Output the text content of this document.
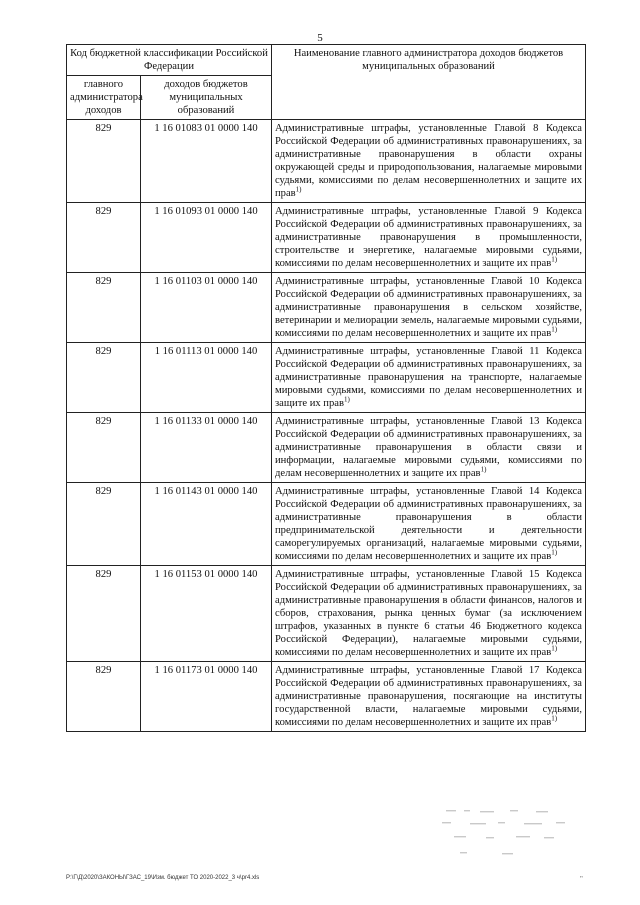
5
Код бюджетной классификации Российской Федерации		Наименование главного администратора доходов бюджетов муниципальных образований
главного администратора доходов	доходов бюджетов муниципальных образований	
829	1 16 01083 01 0000 140	Административные штрафы, установленные Главой 8 Кодекса Российской Федерации об административных правонарушениях, за административные правонарушения в области охраны окружающей среды и природопользования, налагаемые мировыми судьями, комиссиями по делам несовершеннолетних и защите их прав$^{1)}$
829	1 16 01093 01 0000 140	Административные штрафы, установленные Главой 9 Кодекса Российской Федерации об административных правонарушениях, за административные правонарушения в промышленности, строительстве и энергетике, налагаемые мировыми судьями, комиссиями по делам несовершеннолетних и защите их прав$^{1)}$
829	1 16 01103 01 0000 140	Административные штрафы, установленные Главой 10 Кодекса Российской Федерации об административных правонарушениях, за административные правонарушения в сельском хозяйстве, ветеринарии и мелиорации земель, налагаемые мировыми судьями, комиссиями по делам несовершеннолетних и защите их прав$^{1)}$
829	1 16 01113 01 0000 140	Административные штрафы, установленные Главой 11 Кодекса Российской Федерации об административных правонарушениях, за административные правонарушения на транспорте, налагаемые мировыми судьями, комиссиями по делам несовершеннолетних и защите их прав$^{1)}$
829	1 16 01133 01 0000 140	Административные штрафы, установленные Главой 13 Кодекса Российской Федерации об административных правонарушениях, за административные правонарушения в области связи и информации, налагаемые мировыми судьями, комиссиями по делам несовершеннолетних и защите их прав$^{1)}$
829	1 16 01143 01 0000 140	Административные штрафы, установленные Главой 14 Кодекса Российской Федерации об административных правонарушениях, за административные правонарушения в области предпринимательской деятельности и деятельности саморегулируемых организаций, налагаемые мировыми судьями, комиссиями по делам несовершеннолетних и защите их прав$^{1)}$
829	1 16 01153 01 0000 140	Административные штрафы, установленные Главой 15 Кодекса Российской Федерации об административных правонарушениях, за административные правонарушения в области финансов, налогов и сборов, страхования, рынка ценных бумаг (за исключением штрафов, указанных в пункте 6 статьи 46 Бюджетного кодекса Российской Федерации), налагаемые мировыми судьями, комиссиями по делам несовершеннолетних и защите их прав$^{1)}$
829	1 16 01173 01 0000 140	Административные штрафы, установленные Главой 17 Кодекса Российской Федерации об административных правонарушениях, за административные правонарушения, посягающие на институты государственной власти, налагаемые мировыми судьями, комиссиями по делам несовершеннолетних и защите их прав$^{1)}$
P:\Г\Д\2020\ЗАКОНЫ\ГЗАС_19\Изм. бюджет ТО 2020-2022_3 ч\pr4.xls	"
